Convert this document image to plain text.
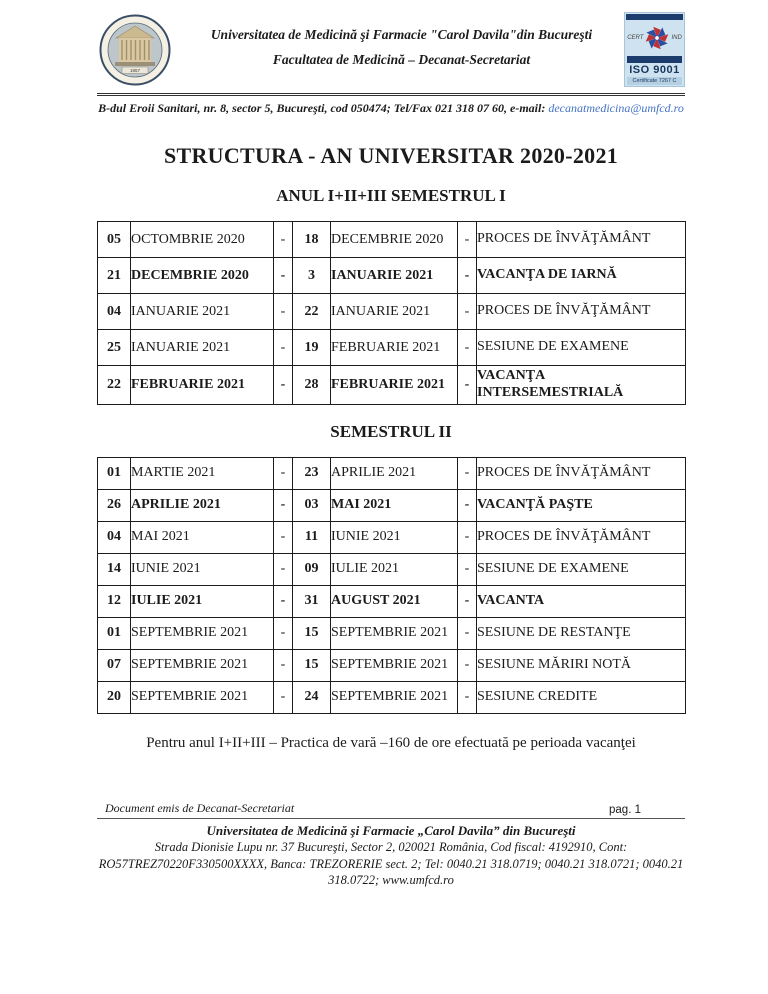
1857
Universitatea de Medicină şi Farmacie "Carol Davila"din Bucureşti
Facultatea de Medicină – Decanat-Secretariat
CERT	IND
ISO 9001
Certificate 7267 C
B-dul Eroii Sanitari, nr. 8, sector 5, Bucureşti, cod 050474; Tel/Fax 021 318 07 60, e-mail: decanatmedicina@umfcd.ro
STRUCTURA - AN UNIVERSITAR 2020-2021
ANUL I+II+III SEMESTRUL I
05	OCTOMBRIE 2020	-	18	DECEMBRIE 2020	-	PROCES DE ÎNVĂŢĂMÂNT
21	DECEMBRIE 2020	-	3	IANUARIE 2021	-	VACANŢA DE IARNĂ
04	IANUARIE 2021	-	22	IANUARIE 2021	-	PROCES DE ÎNVĂŢĂMÂNT
25	IANUARIE 2021	-	19	FEBRUARIE 2021	-	SESIUNE DE EXAMENE
22	FEBRUARIE 2021	-	28	FEBRUARIE 2021	-	VACANŢA INTERSEMESTRIALĂ
SEMESTRUL II
01	MARTIE 2021	-	23	APRILIE 2021	-	PROCES DE ÎNVĂŢĂMÂNT
26	APRILIE 2021	-	03	MAI 2021	-	VACANŢĂ PAŞTE
04	MAI 2021	-	11	IUNIE 2021	-	PROCES DE ÎNVĂŢĂMÂNT
14	IUNIE 2021	-	09	IULIE 2021	-	SESIUNE DE EXAMENE
12	IULIE 2021	-	31	AUGUST 2021	-	VACANTA
01	SEPTEMBRIE 2021	-	15	SEPTEMBRIE 2021	-	SESIUNE DE RESTANŢE
07	SEPTEMBRIE 2021	-	15	SEPTEMBRIE 2021	-	SESIUNE MĂRIRI NOTĂ
20	SEPTEMBRIE 2021	-	24	SEPTEMBRIE 2021	-	SESIUNE CREDITE

Pentru anul I+II+III – Practica de vară –160 de ore efectuată pe perioada vacanţei

Document emis de Decanat-Secretariat	pag. 1
Universitatea de Medicină şi Farmacie „Carol Davila” din Bucureşti
Strada Dionisie Lupu nr. 37 Bucureşti, Sector 2, 020021 România, Cod fiscal: 4192910, Cont:
RO57TREZ70220F330500XXXX, Banca: TREZORERIE sect. 2; Tel: 0040.21 318.0719; 0040.21 318.0721; 0040.21
318.0722; www.umfcd.ro
